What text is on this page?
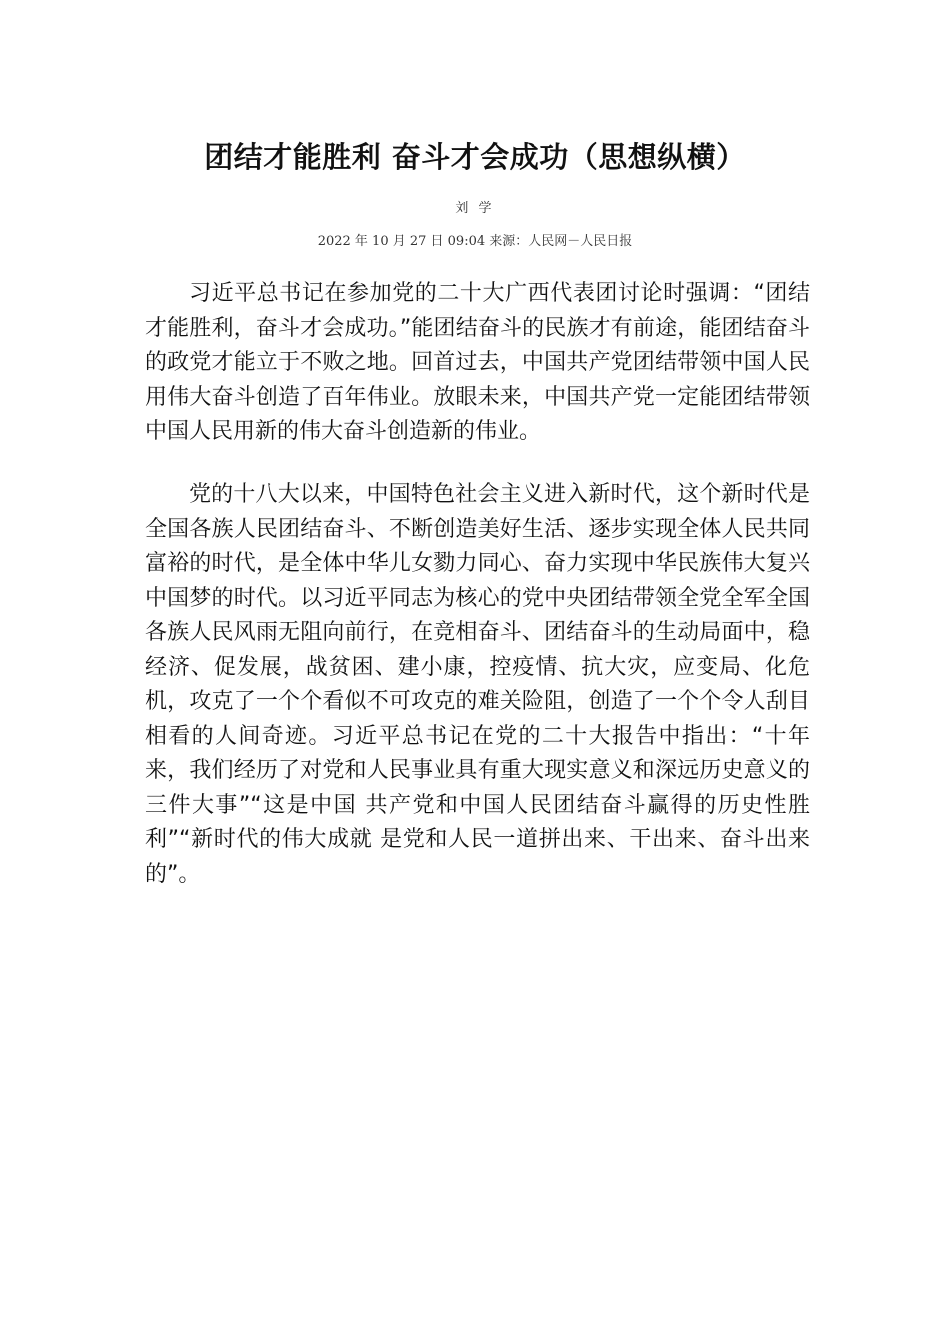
团结才能胜利 奋斗才会成功（思想纵横）
刘 学
2022 年 10 月 27 日 09:04 来源：人民网－人民日报

习近平总书记在参加党的二十大广西代表团讨论时强调：“团结才能胜利，奋斗才会成功。”能团结奋斗的民族才有前途，能团结奋斗的政党才能立于不败之地。回首过去，中国共产党团结带领中国人民用伟大奋斗创造了百年伟业。放眼未来，中国共产党一定能团结带领中国人民用新的伟大奋斗创造新的伟业。

党的十八大以来，中国特色社会主义进入新时代，这个新时代是全国各族人民团结奋斗、不断创造美好生活、逐步实现全体人民共同富裕的时代，是全体中华儿女勠力同心、奋力实现中华民族伟大复兴中国梦的时代。以习近平同志为核心的党中央团结带领全党全军全国各族人民风雨无阻向前行，在竞相奋斗、团结奋斗的生动局面中，稳经济、促发展，战贫困、建小康，控疫情、抗大灾，应变局、化危机，攻克了一个个看似不可攻克的难关险阻，创造了一个个令人刮目相看的人间奇迹。习近平总书记在党的二十大报告中指出：“十年来，我们经历了对党和人民事业具有重大现实意义和深远历史意义的三件大事”“这是中国 共产党和中国人民团结奋斗赢得的历史性胜利”“新时代的伟大成就 是党和人民一道拼出来、干出来、奋斗出来的”。
